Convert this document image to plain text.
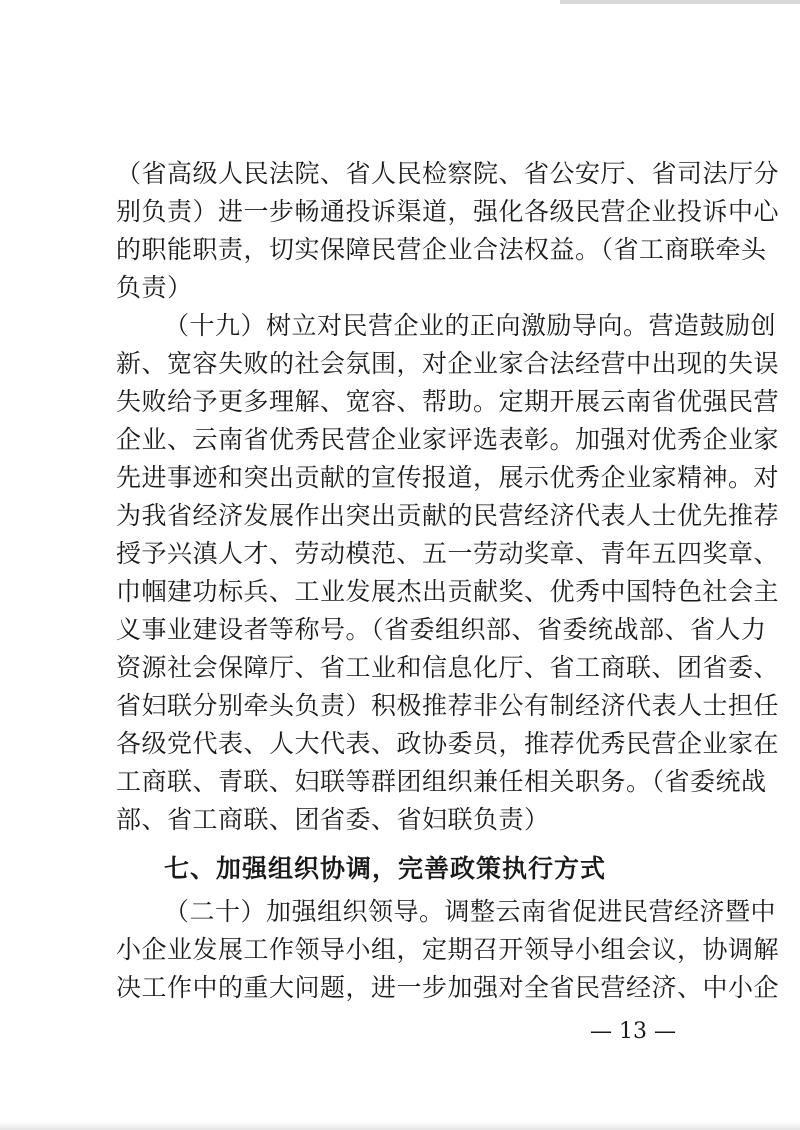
（省高级人民法院、省人民检察院、省公安厅、省司法厅分
别负责）进一步畅通投诉渠道，强化各级民营企业投诉中心
的职能职责，切实保障民营企业合法权益。（省工商联牵头
负责）
（十九）树立对民营企业的正向激励导向。营造鼓励创
新、宽容失败的社会氛围，对企业家合法经营中出现的失误
失败给予更多理解、宽容、帮助。定期开展云南省优强民营
企业、云南省优秀民营企业家评选表彰。加强对优秀企业家
先进事迹和突出贡献的宣传报道，展示优秀企业家精神。对
为我省经济发展作出突出贡献的民营经济代表人士优先推荐
授予兴滇人才、劳动模范、五一劳动奖章、青年五四奖章、
巾帼建功标兵、工业发展杰出贡献奖、优秀中国特色社会主
义事业建设者等称号。（省委组织部、省委统战部、省人力
资源社会保障厅、省工业和信息化厅、省工商联、团省委、
省妇联分别牵头负责）积极推荐非公有制经济代表人士担任
各级党代表、人大代表、政协委员，推荐优秀民营企业家在
工商联、青联、妇联等群团组织兼任相关职务。（省委统战
部、省工商联、团省委、省妇联负责）
七、加强组织协调，完善政策执行方式
（二十）加强组织领导。调整云南省促进民营经济暨中
小企业发展工作领导小组，定期召开领导小组会议，协调解
决工作中的重大问题，进一步加强对全省民营经济、中小企
— 13 —
